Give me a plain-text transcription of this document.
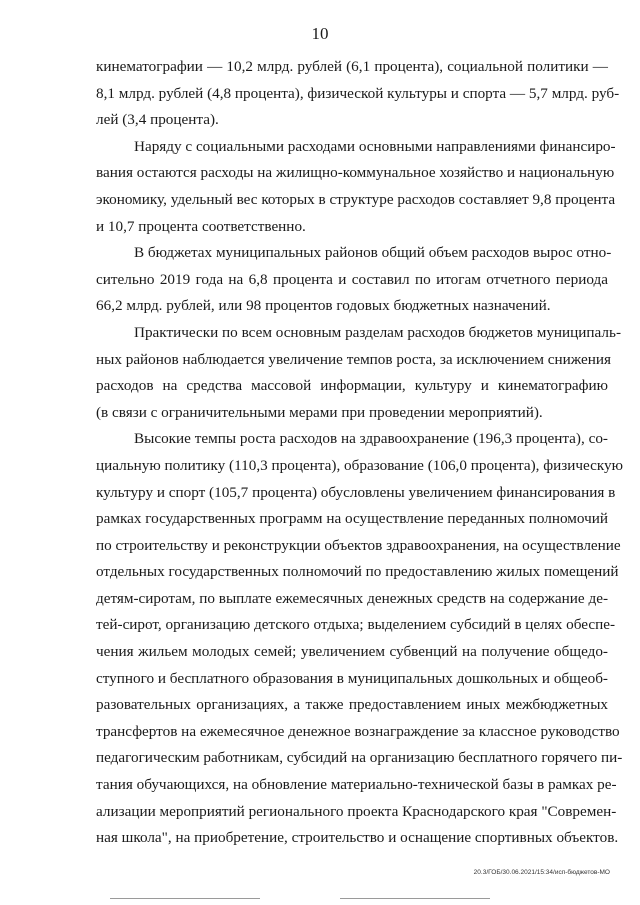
10
кинематографии — 10,2 млрд. рублей (6,1 процента), социальной политики —
8,1 млрд. рублей (4,8 процента), физической культуры и спорта — 5,7 млрд. руб-
лей (3,4 процента).
Наряду с социальными расходами основными направлениями финансиро-
вания остаются расходы на жилищно-коммунальное хозяйство и национальную
экономику, удельный вес которых в структуре расходов составляет 9,8 процента
и 10,7 процента соответственно.
В бюджетах муниципальных районов общий объем расходов вырос отно-
сительно 2019 года на 6,8 процента и составил по итогам отчетного периода
66,2 млрд. рублей, или 98 процентов годовых бюджетных назначений.
Практически по всем основным разделам расходов бюджетов муниципаль-
ных районов наблюдается увеличение темпов роста, за исключением снижения
расходов на средства массовой информации, культуру и кинематографию
(в связи с ограничительными мерами при проведении мероприятий).
Высокие темпы роста расходов на здравоохранение (196,3 процента), со-
циальную политику (110,3 процента), образование (106,0 процента), физическую
культуру и спорт (105,7 процента) обусловлены увеличением финансирования в
рамках государственных программ на осуществление переданных полномочий
по строительству и реконструкции объектов здравоохранения, на осуществление
отдельных государственных полномочий по предоставлению жилых помещений
детям-сиротам, по выплате ежемесячных денежных средств на содержание де-
тей-сирот, организацию детского отдыха; выделением субсидий в целях обеспе-
чения жильем молодых семей; увеличением субвенций на получение общедо-
ступного и бесплатного образования в муниципальных дошкольных и общеоб-
разовательных организациях, а также предоставлением иных межбюджетных
трансфертов на ежемесячное денежное вознаграждение за классное руководство
педагогическим работникам, субсидий на организацию бесплатного горячего пи-
тания обучающихся, на обновление материально-технической базы в рамках ре-
ализации мероприятий регионального проекта Краснодарского края "Современ-
ная школа", на приобретение, строительство и оснащение спортивных объектов.
20.3/ГОБ/30.06.2021/15:34/исп-бюджетов-МО
